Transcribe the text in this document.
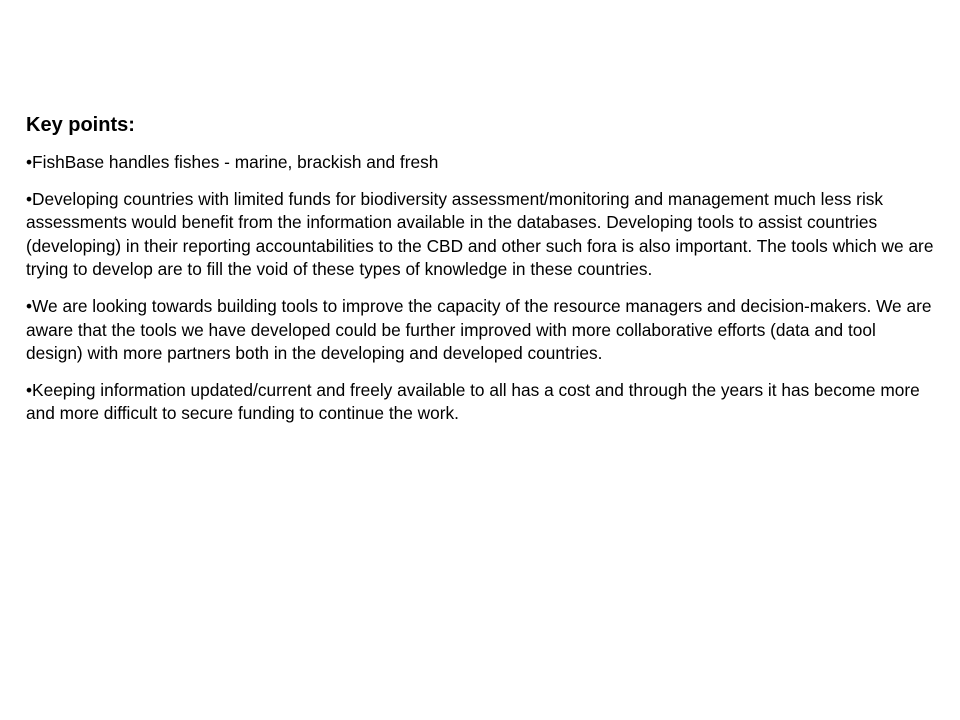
Key points:

•FishBase handles fishes - marine, brackish and fresh

•Developing countries with limited funds for biodiversity assessment/monitoring and management much less risk assessments would benefit from the information available in the databases. Developing tools to assist countries (developing) in their reporting accountabilities to the CBD and other such fora is also important. The tools which we are trying to develop are to fill the void of these types of knowledge in these countries.

•We are looking towards building tools to improve the capacity of the resource managers and decision-makers. We are aware that the tools we have developed could be further improved with more collaborative efforts (data and tool design) with more partners both in the developing and developed countries.

•Keeping information updated/current and freely available to all has a cost and through the years it has become more and more difficult to secure funding to continue the work.
